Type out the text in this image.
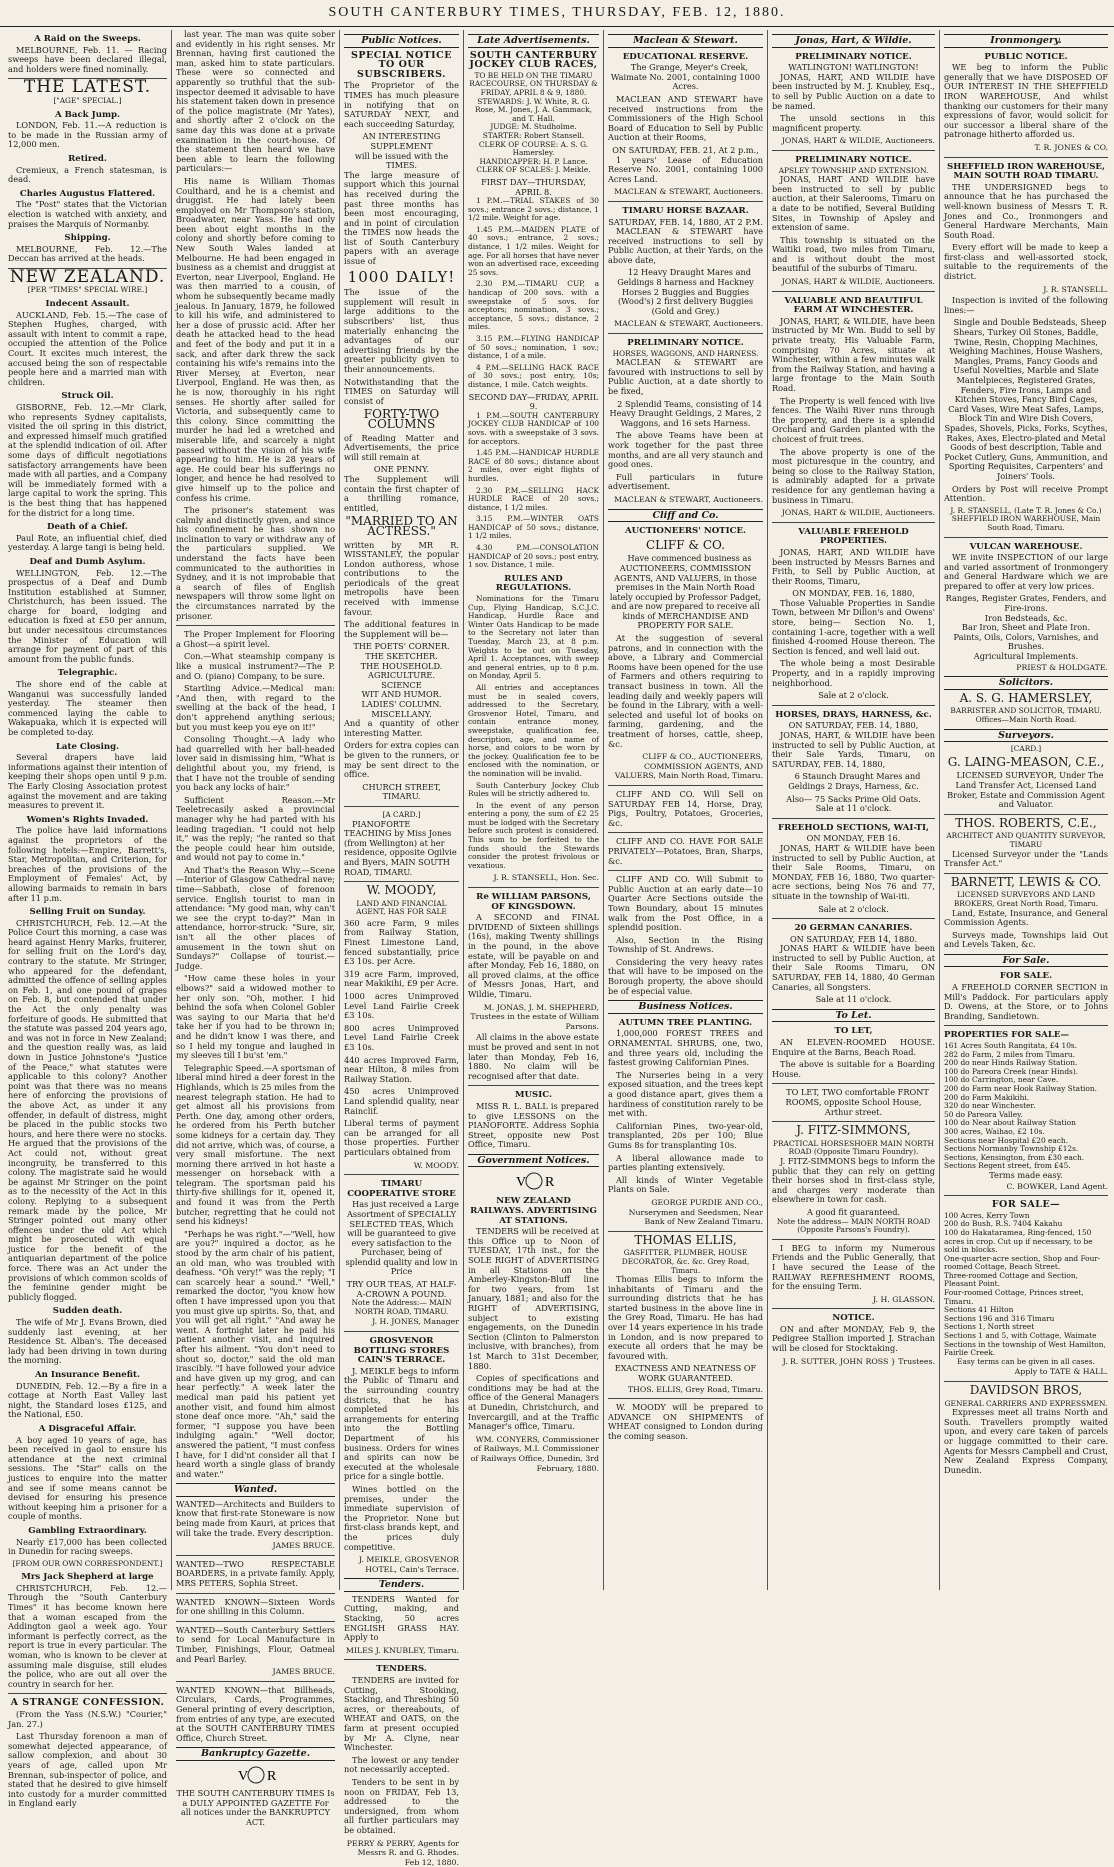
SOUTH CANTERBURY TIMES, THURSDAY, FEB. 12, 1880.
A Raid on the Sweeps.

MELBOURNE, Feb. 11. — Racing sweeps have been declared illegal, and holders were fined nominally.

THE LATEST.
["AGE" SPECIAL.]
A Back Jump.

LONDON, Feb. 11.—A reduction is to be made in the Russian army of 12,000 men.

Retired.

Cremieux, a French statesman, is dead.

Charles Augustus Flattered.

The "Post" states that the Victorian election is watched with anxiety, and praises the Marquis of Normanby.

Shipping.

MELBOURNE, Feb. 12.—The Deccan has arrived at the heads.

NEW ZEALAND.
[PER "TIMES" SPECIAL WIRE.]
Indecent Assault.

AUCKLAND, Feb. 15.—The case of Stephen Hughes, charged, with assault with intent to commit a rape, occupied the attention of the Police Court. It excites much interest, the accused being the son of respectable people here and a married man with children.

Struck Oil.

GISBORNE, Feb. 12.—Mr Clark, who represents Sydney capitalists, visited the oil spring in this district, and expressed himself much gratified at the splendid indication of oil. After some days of difficult negotiations satisfactory arrangements have been made with all parties, and a Company will be immediately formed with a large capital to work the spring. This is the best thing that has happened for the district for a long time.

Death of a Chief.

Paul Rote, an influential chief, died yesterday. A large tangi is being held.

Deaf and Dumb Asylum.

WELLINGTON, Feb. 12.—The prospectus of a Deaf and Dumb Institution established at Sumner, Christchurch, has been issued. The charge for board, lodging and education is fixed at £50 per annum, but under necessitous circumstances the Minister of Education will arrange for payment of part of this amount from the public funds.

Telegraphic.

The shore end of the cable at Wanganui was successfully landed yesterday. The steamer then commenced laying the cable to Wakapuaka, which it is expected will be completed to-day.

Late Closing.

Several drapers have laid informations against their intention of keeping their shops open until 9 p.m. The Early Closing Association protest against the movement and are taking measures to prevent it.

Women's Rights Invaded.

The police have laid informations against the proprietors of the following hotels:—Empire, Barrett's, Star, Metropolitan, and Criterion, for breaches of the provisions of the Employment of Females' Act, by allowing barmaids to remain in bars after 11 p.m.

Selling Fruit on Sunday.

CHRISTCHURCH, Feb. 12.—At the Police Court this morning, a case was heard against Henry Marks, fruiterer, for selling fruit on the Lord's day, contrary to the statute. Mr Stringer, who appeared for the defendant, admitted the offence of selling apples on Feb. 1, and one pound of grapes on Feb. 8, but contended that under the Act the only penalty was forfeiture of goods. He submitted that the statute was passed 204 years ago, and was not in force in New Zealand; and the question really was, as laid down in Justice Johnstone's "Justice of the Peace," what statutes were applicable to this colony? Another point was that there was no means here of enforcing the provisions of the above Act, as under it any offender, in default of distress, might be placed in the public stocks two hours, and here there were no stocks. He argued that the provisions of the Act could not, without great incongruity, be transferred to this colony. The magistrate said he would be against Mr Stringer on the point as to the necessity of the Act in this colony. Replying to a subsequent remark made by the police, Mr Stringer pointed out many other offences under the old Act which might be prosecuted with equal justice for the benefit of the antiquarian department of the police force. There was an Act under the provisions of which common scolds of the feminine gender might be publicly flogged.

Sudden death.

The wife of Mr J. Evans Brown, died suddenly last evening, at her Residence St. Alban's. The deceased lady had been driving in town during the morning.

An Insurance Benefit.

DUNEDIN, Feb. 12.—By a fire in a cottage at North East Valley last night, the Standard loses £125, and the National, £50.

A Disgraceful Affair.

A boy aged 10 years of age, has been received in gaol to ensure his attendance at the next criminal sessions. The "Star" calls on the justices to enquire into the matter and see if some means cannot be devised for ensuring his presence without keeping him a prisoner for a couple of months.

Gambling Extraordinary.

Nearly £17,000 has been collected in Dunedin for racing sweeps.

[FROM OUR OWN CORRESPONDENT.]
Mrs Jack Shepherd at large

CHRISTCHURCH, Feb. 12.—Through the "South Canterbury Times" it has become known here that a woman escaped from the Addington gaol a week ago. Your informant is perfectly correct, as the report is true in every particular. The woman, who is known to be clever at assuming male disguise, still eludes the police, who are out all over the country in search for her.

A STRANGE CONFESSION.

(From the Yass (N.S.W.) "Courier," Jan. 27.)

Last Thursday forenoon a man of somewhat dejected appearance, of sallow complexion, and about 30 years of age, called upon Mr Brennan, sub-inspector of police, and stated that he desired to give himself into custody for a murder committed in England early

last year. The man was quite sober and evidently in his right senses. Mr Brennan, having first cautioned the man, asked him to state particulars. These were so connected and apparently so truthful that the sub-inspector deemed it advisable to have his statement taken down in presence of the police magistrate (Mr Yates), and shortly after 2 o'clock on the same day this was done at a private examination in the court-house. Of the statement then heard we have been able to learn the following particulars:—

His name is William Thomas Coulthard, and he is a chemist and druggist. He had lately been employed on Mr Thompson's station, Broadwater, near Yass. He had only been about eight months in the colony and shortly before coming to New South Wales landed at Melbourne. He had been engaged in business as a chemist and druggist at Everton, near Liverpool, England. He was then married to a cousin, of whom he subsequently became madly jealous. In January, 1879, he followed to kill his wife, and administered to her a dose of prussic acid. After her death he attacked head to the head and feet of the body and put it in a sack, and after dark threw the sack containing his wife's remains into the River Mersey, at Everton, near Liverpool, England. He was then, as he is now, thoroughly in his right senses. He shortly after sailed for Victoria, and subsequently came to this colony. Since committing the murder he had led a wretched and miserable life, and scarcely a night passed without the vision of his wife appearing to him. He is 28 years of age. He could bear his sufferings no longer, and hence he had resolved to give himself up to the police and confess his crime.

The prisoner's statement was calmly and distinctly given, and since his confinement he has shown no inclination to vary or withdraw any of the particulars supplied. We understand the facts have been communicated to the authorities in Sydney, and it is not improbable that a search of files of English newspapers will throw some light on the circumstances narrated by the prisoner.

The Proper Implement for Flooring a Ghost—a spirit level.

Con.—What steamship company is like a musical instrument?—The P. and O. (piano) Company, to be sure.

Startling Advice.—Medical man: "And then, with regard to the swelling at the back of the head, I don't apprehend anything serious; but you must keep you eye on it!"

Consoling Thought.—A lady who had quarrelled with her ball-headed lover said in dismissing him, "What is delightful about you, my friend, is that I have not the trouble of sending you back any locks of hair."

Sufficient Reason.—Mr Teeletrecasily asked a provincial manager why he had parted with his leading tragedian. "I could not help it," was the reply; "he ranted so that the people could hear him outside, and would not pay to come in."

And That's the Reason Why.—Scene—Interior of Glasgow Cathedral nave; time—Sabbath, close of forenoon service. English tourist to man in attendance: "My good man, why can't we see the crypt to-day?" Man in attendance, horror-struck: "Sure, sir, isn't all the other places of amusement in the town shut on Sundays?" Collapse of tourist.—Judge.

"How came these holes in your elbows?" said a widowed mother to her only son. "Oh, mother. I hid behind the sofa when Colonel Gobler was saying to our Maria that he'd take her if you had to be thrown in; and he didn't know I was there, and so I held my tongue and laughed in my sleeves till I bu'st 'em."

Telegraphic Speed.—A sportsman of liberal mind hired a deer forest in the Highlands, which is 25 miles from the nearest telegraph station. He had to get almost all his provisions from Perth. One day, among other orders, he ordered from his Perth butcher some kidneys for a certain day. They did not arrive, which was, of course, a very small misfortune. The next morning there arrived in hot haste a messenger on horseback with a telegram. The sportsman paid his thirty-five shillings for it, opened it, and found it was from the Perth butcher, regretting that he could not send his kidneys!

"Perhaps he was right."—"Well, how are you?" inquired a doctor, as he stood by the arm chair of his patient, an old man, who was troubled with deafness. "Oh very!" was the reply; "I can scarcely hear a sound." "Well," remarked the doctor, "you know how often I have impressed upon you that you must give up spirits. So, that, and you will get all right." "And away he went. A fortnight later he paid his patient another visit, and inquired after his ailment. "You don't need to shout so, doctor," said the old man irascibly. "I have followed your advice and have given up my grog, and can hear perfectly." A week later the medical man paid his patient yet another visit, and found him almost stone deaf once more. "Ah," said the former, "I suppose you have been indulging again." "Well doctor, answered the patient, "I must confess I have, for I did'nt consider all that I heard worth a single glass of brandy and water."

Wanted.

WANTED—Architects and Builders to know that first-rate Stoneware is now being made from Kauri, at prices that will take the trade. Every description.

JAMES BRUCE.

WANTED—TWO RESPECTABLE BOARDERS, in a private family. Apply, MRS PETERS, Sophia Street.

WANTED KNOWN—Sixteen Words for one shilling in this Column.

WANTED—South Canterbury Settlers to send for Local Manufacture in Timber, Finishings, Flour, Oatmeal and Pearl Barley.

JAMES BRUCE.

WANTED KNOWN—that Billheads, Circulars, Cards, Programmes, General printing of every description, from entries of any type, are executed at the SOUTH CANTERBURY TIMES Office, Church Street.

Bankruptcy Gazette.
V R
THE SOUTH CANTERBURY TIMES Is a DULY APPOINTED GAZETTE For all notices under the BANKRUPTCY ACT.
Public Notices.
SPECIAL NOTICE TO OUR SUBSCRIBERS.

The Proprietor of the TIMES has much pleasure in notifying that on SATURDAY NEXT, and each succeeding Saturday,

AN INTERESTING SUPPLEMENT
will be issued with the TIMES.

The large measure of support which this journal has received during the past three months has been most encouraging, and in point of circulation the TIMES now heads the list of South Canterbury papers with an average issue of

1000 DAILY!

The issue of the supplement will result in large additions to the subscribers' list, thus materially enhancing the advantages of our advertising friends by the greater publicity given to their announcements.

Notwithstanding that the TIMES on Saturday will consist of

FORTY-TWO COLUMNS

of Reading Matter and Advertisements, the price will still remain at

ONE PENNY.

The Supplement will contain the first chapter of a thrilling romance, entitled,

"MARRIED TO AN ACTRESS."

written by MR R. WISSTANLEY, the popular London authoress, whose contributions to the periodicals of the great metropolis have been received with immense favour.

The additional features in the Supplement will be—

THE POETS' CORNER.
THE SKETCHER.
THE HOUSEHOLD.
AGRICULTURE.
SCIENCE
WIT AND HUMOR.
LADIES' COLUMN.
MISCELLANY.

And a quantity of other interesting Matter.

Orders for extra copies can be given to the runners, or may be sent direct to the office.

CHURCH STREET,
TIMARU.
[A CARD.]

PIANOFORTE TEACHING by Miss Jones (from Wellington) at her residence, opposite Ogilvie and Byers, MAIN SOUTH ROAD, TIMARU.

W. MOODY,
LAND AND FINANCIAL AGENT, HAS FOR SALE

360 acre Farm, 9 miles from Railway Station, Finest Limestone Land, fenced substantially, price £3 10s. per Acre.

319 acre Farm, improved, near Makikihi, £9 per Acre.

1000 acres Unimproved Level Land Fairlie Creek £3 10s.

800 acres Unimproved Level Land Fairlie Creek £3 10s.

440 acres Improved Farm, near Hilton, 8 miles from Railway Station.

450 acres Unimproved Land splendid quality, near Rainclif.

Liberal terms of payment can be arranged for all those properties. Further particulars obtained from

W. MOODY.
TIMARU COOPERATIVE STORE

Has just received a Large Assortment of SPECIALLY SELECTED TEAS, Which will be guaranteed to give every satisfaction to the Purchaser, being of splendid quality and low in Price

TRY OUR TEAS, AT HALF-A-CROWN A POUND.
Note the Address:— MAIN NORTH ROAD, TIMARU.
J. H. JONES, Manager
GROSVENOR BOTTLING STORES CAIN'S TERRACE.

J. MEIKLE begs to inform the Public of Timaru and the surrounding country districts, that he has completed his arrangements for entering into the Bottling Department of his business. Orders for wines and spirits can now be executed at the wholesale price for a single bottle.

Wines bottled on the premises, under the immediate supervision of the Proprietor. None but first-class brands kept, and the prices duly competitive.

J. MEIKLE, GROSVENOR HOTEL, Cain's Terrace.
Tenders.

TENDERS Wanted for Cutting, making, and Stacking, 50 acres ENGLISH GRASS HAY. Apply to

MILES J. KNUBLEY, Timaru.
TENDERS.

TENDERS are invited for Cutting, Stooking, Stacking, and Threshing 50 acres, or thereabouts, of WHEAT and OATS, on the farm at present occupied by Mr A. Clyne, near Winchester.

The lowest or any tender not necessarily accepted.

Tenders to be sent in by noon on FRIDAY, Feb 13, addressed to the undersigned, from whom all further particulars may be obtained.

PERRY & PERRY, Agents for Messrs R. and G. Rhodes. Feb 12, 1880.
Late Advertisements.
SOUTH CANTERBURY JOCKEY CLUB RACES,
TO BE HELD ON THE TIMARU RACECOURSE, ON THURSDAY & FRIDAY, APRIL 8 & 9, 1880.
STEWARDS: J. W. White, R. G. Rose, M. Jones, J. A. Gammack, and T. Hall.
JUDGE: M. Studholme.
STARTER: Robert Stansell.
CLERK OF COURSE: A. S. G. Hamersley.
HANDICAPPER: H. P. Lance.
CLERK OF SCALES: J. Meikle.
FIRST DAY—THURSDAY, APRIL 8.

1 P.M.—TRIAL STAKES of 30 sovs.; entrance 2 sovs.; distance, 1 1/2 mile. Weight for age.

1.45 P.M.—MAIDEN PLATE of 40 sovs.; entrance, 2 sovs.; distance, 1 1/2 miles. Weight for age. For all horses that have never won an advertised race, exceeding 25 sovs.

2.30 P.M.—TIMARU CUP, a handicap of 200 sovs. with a sweepstake of 5 sovs. for acceptors; nomination, 3 sovs.; acceptance, 5 sovs.; distance, 2 miles.

3.15 P.M.—FLYING HANDICAP of 50 sovs.; nomination, 1 sov.; distance, 1 of a mile.

4 P.M.—SELLING HACK RACE of 30 sovs.; post entry, 10s; distance, 1 mile. Catch weights.

SECOND DAY—FRIDAY, APRIL 9.

1 P.M.—SOUTH CANTERBURY JOCKEY CLUB HANDICAP of 100 sovs. with a sweepstake of 3 sovs. for acceptors.

1.45 P.M.—HANDICAP HURDLE RACE of 80 sovs.; distance about 2 miles, over eight flights of hurdles.

2.30 P.M.—SELLING HACK HURDLE RACE of 20 sovs.; distance, 1 1/2 miles.

3.15 P.M.—WINTER OATS HANDICAP of 50 sovs.; distance, 1 1/2 miles.

4.30 P.M.—CONSOLATION HANDICAP of 20 sovs.; post entry, 1 sov. Distance, 1 mile.

RULES AND REGULATIONS.

Nominations for the Timaru Cup, Flying Handicap, S.C.J.C. Handicap, Hurdle Race and Winter Oats Handicap to be made to the Secretary not later than Tuesday, March 23, at 8 p.m. Weights to be out on Tuesday, April 1. Acceptances, with sweep and general entries, up to 8 p.m. on Monday, April 5.

All entries and acceptances must be in sealed covers, addressed to the Secretary, Grosvenor Hotel, Timaru, and contain entrance money, sweepstake, qualification fee, description, age, and name of horse, and colors to be worn by the jockey. Qualification fee to be enclosed with the nomination, or the nomination will be invalid.

South Canterbury Jockey Club Rules will be strictly adhered to.

In the event of any person entering a pony, the sum of £2 25 must be lodged with the Secretary before such protest is considered. This sum to be forfeited to the funds should the Stewards consider the protest frivolous or vexatious.

J. R. STANSELL, Hon. Sec.
Re WILLIAM PARSONS, OF KINGSDOWN.

A SECOND and FINAL DIVIDEND of Sixteen shillings (16s), making Twenty shillings in the pound, in the above estate, will be payable on and after Monday, Feb 16, 1880, on all proved claims, at the office of Messrs Jonas, Hart, and Wildie, Timaru.

M. JONAS, J. M. SHEPHERD, Trustees in the estate of William Parsons.

All claims in the above estate must be proved and sent in not later than Monday, Feb 16, 1880. No claim will be recognised after that date.

MUSIC.

MISS R. L. BALL is prepared to give LESSONS on the PIANOFORTE. Address Sophia Street, opposite new Post Office, Timaru.

Government Notices.
V R
NEW ZEALAND RAILWAYS. ADVERTISING AT STATIONS.

TENDERS will be received at this Office up to Noon of TUESDAY, 17th inst., for the SOLE RIGHT of ADVERTISING in all Stations on the Amberley-Kingston-Bluff line for two years, from 1st January, 1881; and also for the RIGHT of ADVERTISING, subject to existing engagements, on the Dunedin Section (Clinton to Palmerston inclusive, with branches), from 1st March to 31st December, 1880.

Copies of specifications and conditions may be had at the office of the General Managers at Dunedin, Christchurch, and Invercargill, and at the Traffic Manager's office, Timaru.

WM. CONYERS, Commissioner of Railways, M.I. Commissioner of Railways Office, Dunedin, 3rd February, 1880.
Maclean & Stewart.
EDUCATIONAL RESERVE.

The Grange, Meyer's Creek, Waimate No. 2001, containing 1000 Acres.

MACLEAN AND STEWART have received instructions from the Commissioners of the High School Board of Education to Sell by Public Auction at their Rooms,

ON SATURDAY, FEB. 21, At 2 p.m.,

1 years' Lease of Education Reserve No. 2001, containing 1000 Acres Land.

MACLEAN & STEWART, Auctioneers.
TIMARU HORSE BAZAAR.
SATURDAY, FEB. 14, 1880, AT 2 P.M.

MACLEAN & STEWART have received instructions to sell by Public Auction, at their Yards, on the above date,

12 Heavy Draught Mares and Geldings 8 harness and Hackney Horses 2 Buggies and Buggies (Wood's) 2 first delivery Buggies (Gold and Grey.)

MACLEAN & STEWART, Auctioneers.
PRELIMINARY NOTICE.
HORSES, WAGGONS, AND HARNESS.

MACLEAN & STEWART are favoured with instructions to sell by Public Auction, at a date shortly to be fixed,

2 Splendid Teams, consisting of 14 Heavy Draught Geldings, 2 Mares, 2 Waggons, and 16 sets Harness.

The above Teams have been at work together for the past three months, and are all very staunch and good ones.

Full particulars in future advertisement.

MACLEAN & STEWART, Auctioneers.
Cliff and Co.
AUCTIONEERS' NOTICE.
CLIFF & CO.

Have commenced business as AUCTIONEERS, COMMISSION AGENTS, AND VALUERS, in those premises in the Main North Road lately occupied by Professor Padget, and are now prepared to receive all kinds of MERCHANDISE AND PROPERTY FOR SALE.

At the suggestion of several patrons, and in connection with the above, a Library and Commercial Rooms have been opened for the use of Farmers and others requiring to transact business in town. All the leading daily and weekly papers will be found in the Library, with a well-selected and useful lot of books on farming, gardening, and the treatment of horses, cattle, sheep, &c.

CLIFF & CO., AUCTIONEERS, COMMISSION AGENTS, AND VALUERS, Main North Road, Timaru.

CLIFF AND CO. Will Sell on SATURDAY FEB 14, Horse, Dray, Pigs, Poultry, Potatoes, Groceries, &c.

CLIFF AND CO. HAVE FOR SALE PRIVATELY—Potatoes, Bran, Sharps, &c.

CLIFF AND CO. Will Submit to Public Auction at an early date—10 Quarter Acre Sections outside the Town Boundary, about 15 minutes walk from the Post Office, in a splendid position.

Also, Section in the Rising Township of St. Andrews.

Considering the very heavy rates that will have to be imposed on the Borough property, the above should be of especial value.

Business Notices.
AUTUMN TREE PLANTING.

1,000,000 FOREST TREES and ORNAMENTAL SHRUBS, one, two, and three years old, including the fastest growing Californian Pines.

The Nurseries being in a very exposed situation, and the trees kept a good distance apart, gives them a hardiness of constitution rarely to be met with.

Californian Pines, two-year-old, transplanted, 20s per 100; Blue Gums 8s for transplanting 10s.

A liberal allowance made to parties planting extensively.

All kinds of Winter Vegetable Plants on Sale.

GEORGE PURDIE AND CO., Nurserymen and Seedsmen, Near Bank of New Zealand Timaru.
THOMAS ELLIS,
GASFITTER, PLUMBER, HOUSE DECORATOR, &c. &c. Grey Road, Timaru.

Thomas Ellis begs to inform the inhabitants of Timaru and the surrounding districts that he has started business in the above line in the Grey Road, Timaru. He has had over 14 years experience in his trade in London, and is now prepared to execute all orders that he may be favoured with.

EXACTNESS AND NEATNESS OF WORK GUARANTEED.
THOS. ELLIS, Grey Road, Timaru.

W. MOODY will be prepared to ADVANCE ON SHIPMENTS of WHEAT consigned to London during the coming season.

Jonas, Hart, & Wildie.
PRELIMINARY NOTICE.
WATLINGTON! WATLINGTON!

JONAS, HART, AND WILDIE have been instructed by M. J. Knubley, Esq., to sell by Public Auction on a date to be named.

The unsold sections in this magnificent property.

JONAS, HART & WILDIE, Auctioneers.
PRELIMINARY NOTICE.
APSLEY TOWNSHIP AND EXTENSION.

JONAS, HART AND WILDIE have been instructed to sell by public auction, at their Salerooms, Timaru on a date to be notified, Several Building Sites, in Township of Apsley and extension of same.

This township is situated on the Waitiki road, two miles from Timaru, and is without doubt the most beautiful of the suburbs of Timaru.

JONAS, HART & WILDIE, Auctioneers.
VALUABLE AND BEAUTIFUL FARM AT WINCHESTER.

JONAS, HART, & WILDIE, have been instructed by Mr Wm. Budd to sell by private treaty, His Valuable Farm, comprising 70 Acres, situate at Winchester, within a few minutes walk from the Railway Station, and having a large frontage to the Main South Road.

The Property is well fenced with live fences. The Waihi River runs through the property, and there is a splendid Orchard and Garden planted with the choicest of fruit trees.

The above property is one of the most picturesque in the country, and being so close to the Railway Station, is admirably adapted for a private residence for any gentleman having a business in Timaru.

JONAS, HART & WILDIE, Auctioneers.
VALUABLE FREEHOLD PROPERTIES.

JONAS, HART, AND WILDIE have been instructed by Messrs Barnes and Frith, to Sell by Public Auction, at their Rooms, Timaru,

ON MONDAY, FEB. 16, 1880,

Those Valuable Properties in Sandie Town, between Mr Dillon's and Owens' store, being— Section No. 1, containing 1-acre, together with a well finished 4-roomed House thereon. The Section is fenced, and well laid out.

The whole being a most Desirable Property, and in a rapidly improving neighborhood.

Sale at 2 o'clock.
HORSES, DRAYS, HARNESS, &c.
ON SATURDAY, FEB. 14, 1880,

JONAS, HART, & WILDIE have been instructed to sell by Public Auction, at their Sale Yards, Timaru, on SATURDAY, FEB. 14, 1880,

6 Staunch Draught Mares and Geldings 2 Drays, Harness, &c.

Also— 75 Sacks Prime Old Oats.
Sale at 11 o'clock.
FREEHOLD SECTIONS, WAI-TI,
ON MONDAY, FEB 16.

JONAS, HART & WILDIE have been instructed to sell by Public Auction, at their Sale Rooms, Timaru, on MONDAY, FEB 16, 1880, Two quarter-acre sections, being Nos 76 and 77, situate in the township of Wai-iti.

Sale at 2 o'clock.
20 GERMAN CANARIES.
ON SATURDAY, FEB 14, 1880.

JONAS HART & WILDIE have been instructed to sell by Public Auction, at their Sale Rooms Timaru, ON SATURDAY, FEB 14, 1880, 40 German Canaries, all Songsters.

Sale at 11 o'clock.
To Let.
TO LET,

AN ELEVEN-ROOMED HOUSE. Enquire at the Barns, Beach Road.

The above is suitable for a Boarding House.

TO LET, TWO comfortable FRONT ROOMS, opposite School House, Arthur street.

J. FITZ-SIMMONS,
PRACTICAL HORSESHOER MAIN NORTH ROAD (Opposite Timaru Foundry).

J. FITZ-SIMMONS begs to inform the public that they can rely on getting their horses shod in first-class style, and charges very moderate than elsewhere in town for cash.

A good fit guaranteed.
Note the address— MAIN NORTH ROAD (Opposite Parsons's Foundry).

I BEG to inform my Numerous Friends and the Public Generally, that I have secured the Lease of the RAILWAY REFRESHMENT ROOMS, for the ensuing Term.

J. H. GLASSON.
NOTICE.

ON and after MONDAY, Feb 9, the Pedigree Stallion imported J. Strachan will be closed for Stocktaking.

J. R. SUTTER, JOHN ROSS } Trustees.
Ironmongery.
PUBLIC NOTICE.

WE beg to inform the Public generally that we have DISPOSED OF OUR INTEREST IN THE SHEFFIELD IRON WAREHOUSE, And whilst thanking our customers for their many expressions of favor, would solicit for our successor a liberal share of the patronage hitherto afforded us.

T. R. JONES & CO.
SHEFFIELD IRON WAREHOUSE, MAIN SOUTH ROAD TIMARU.

THE UNDERSIGNED begs to announce that he has purchased the well-known business of Messrs T. R. Jones and Co., Ironmongers and General Hardware Merchants, Main South Road.

Every effort will be made to keep a first-class and well-assorted stock, suitable to the requirements of the district.

J. R. STANSELL.

Inspection is invited of the following lines:—

Single and Double Bedsteads, Sheep Shears, Turkey Oil Stones, Baddle, Twine, Resin, Chopping Machines, Weighing Machines, House Washers, Mangles, Prams, Fancy Goods and Useful Novelties, Marble and Slate Mantelpieces, Registered Grates, Fenders, Fire Irons, Lamps and Kitchen Stoves, Fancy Bird Cages, Card Vases, Wire Meat Safes, Lamps, Block Tin and Wire Dish Covers, Spades, Shovels, Picks, Forks, Scythes, Rakes, Axes, Electro-plated and Metal Goods of best description, Table and Pocket Cutlery, Guns, Ammunition, and Sporting Requisites, Carpenters' and Joiners' Tools.

Orders by Post will receive Prompt Attention.

J. R. STANSELL, (Late T. R. Jones & Co.) SHEFFIELD IRON WAREHOUSE, Main South Road, Timaru.
VULCAN WAREHOUSE.

WE invite INSPECTION of our large and varied assortment of Ironmongery and General Hardware which we are prepared to offer at very low prices.

Ranges, Register Grates, Fenders, and Fire-irons.
Iron Bedsteads, &c.
Bar Iron, Sheet and Plate Iron.
Paints, Oils, Colors, Varnishes, and Brushes.
Agricultural Implements.
PRIEST & HOLDGATE.
Solicitors.
A. S. G. HAMERSLEY,
BARRISTER AND SOLICITOR, TIMARU.
Offices—Main North Road.
Surveyors.
[CARD.]
G. LAING-MEASON, C.E.,

LICENSED SURVEYOR, Under The Land Transfer Act, Licensed Land Broker, Estate and Commission Agent and Valuator.

THOS. ROBERTS, C.E.,
ARCHITECT AND QUANTITY SURVEYOR, TIMARU

Licensed Surveyor under the "Lands Transfer Act."

BARNETT, LEWIS & CO.
LICENSED SURVEYORS AND LAND BROKERS, Great North Road, Timaru.

Land, Estate, Insurance, and General Commission Agents.

Surveys made, Townships laid Out and Levels Taken, &c.

For Sale.
FOR SALE.

A FREEHOLD CORNER SECTION in Mill's Paddock. For particulars apply D. Owens, at the Store, or to Johns Branding, Sandietown.

PROPERTIES FOR SALE—
161 Acres South Rangitata, £4 10s.
282 do Farm, 2 miles from Timaru.
200 do near Hinds Railway Station.
100 do Pareora Creek (near Hinds).
100 do Carrington, near Cave.
200 do Farm near Hook Railway Station.
200 do Farm Makikihi.
320 do near Winchester.
50 do Pareora Valley.
100 do Near about Railway Station
300 acres, Waihao, £2 10s.
Sections near Hospital £20 each.
Sections Normanby Township £12s.
Sections, Kensington, from £30 each.
Sections Regent street, from £45.
Terms made easy.
C. BOWKER, Land Agent.
FOR SALE—
100 Acres, Kerry Town
200 do Bush, R.S. 7404 Kakahu
100 do Hakataramea, Ring-fenced, 150 acres in crop. Cut up if necessary, to be sold in blocks.
One-quarter-acre section, Shop and Four-roomed Cottage, Beach Street.
Three-roomed Cottage and Section, Pleasant Point.
Four-roomed Cottage, Princes street, Timaru.
Sections 41 Hilton
Sections 196 and 316 Timaru
Sections 1, North street
Sections 1 and 5, with Cottage, Waimate
Sections in the township of West Hamilton, Fairlie Creek.
Easy terms can be given in all cases.
Apply to TATE & HALL.
DAVIDSON BROS,
GENERAL CARRIERS AND EXPRESSMEN.

Expresses meet all trains North and South. Travellers promptly waited upon, and every care taken of parcels or luggage committed to their care. Agents for Messrs Campbell and Crust, New Zealand Express Company, Dunedin.
